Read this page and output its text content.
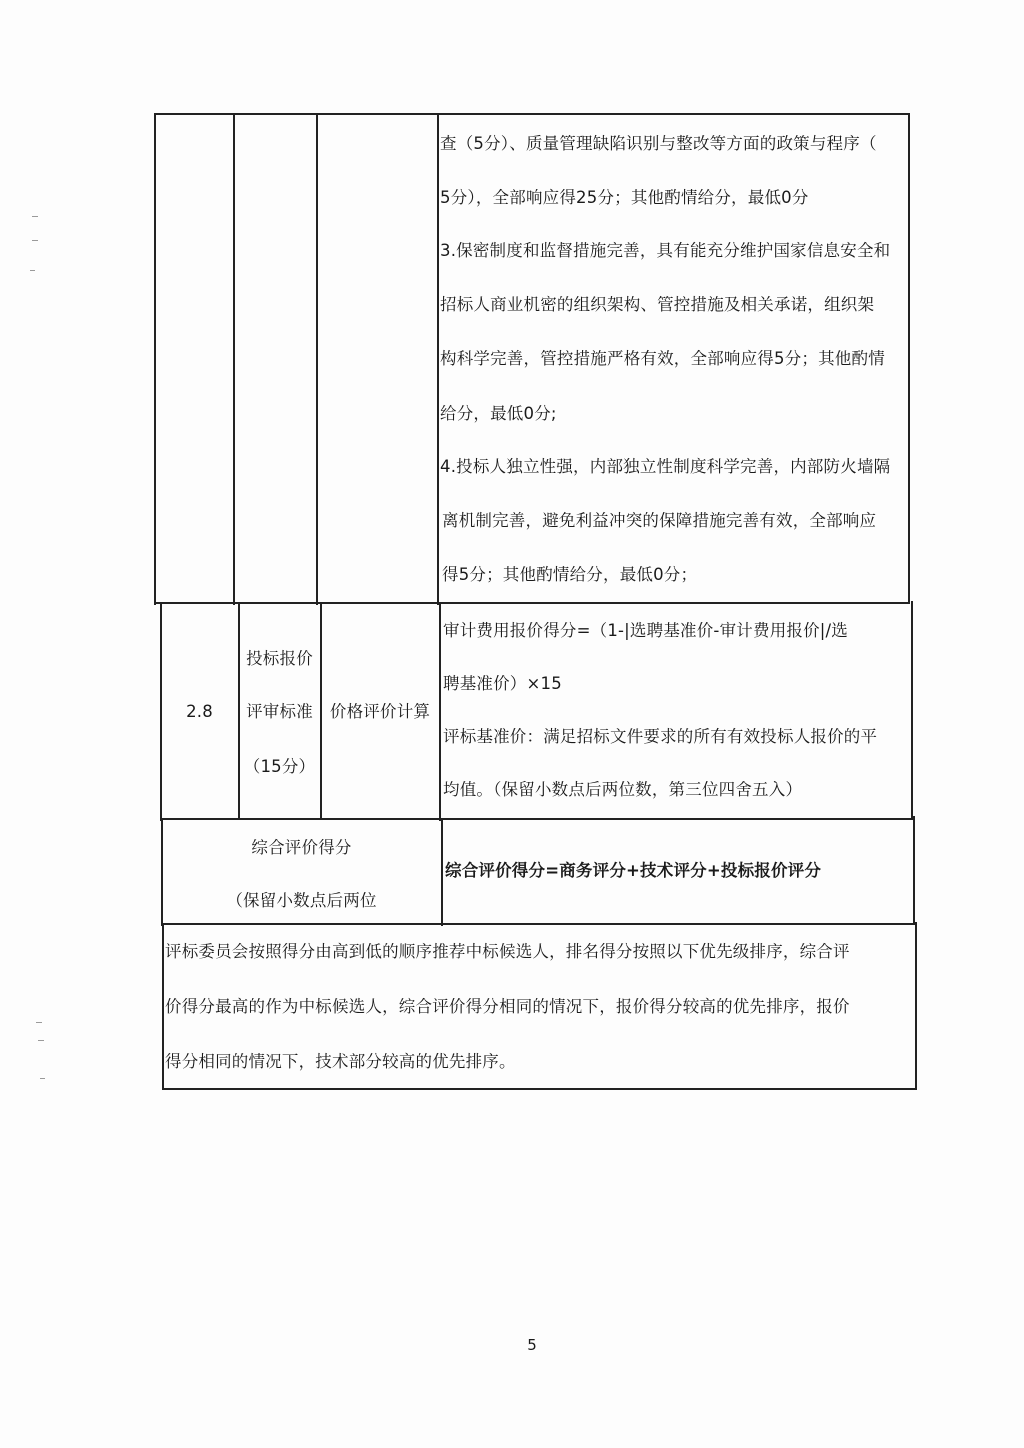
查（5分）、质量管理缺陷识别与整改等方面的政策与程序（
5分），全部响应得25分；其他酌情给分，最低0分
3.保密制度和监督措施完善，具有能充分维护国家信息安全和
招标人商业机密的组织架构、管控措施及相关承诺，组织架
构科学完善，管控措施严格有效，全部响应得5分；其他酌情
给分，最低0分;
4.投标人独立性强，内部独立性制度科学完善，内部防火墙隔
离机制完善，避免利益冲突的保障措施完善有效，全部响应
得5分；其他酌情给分，最低0分；
2.8
投标报价
评审标准
（15分）
价格评价计算
审计费用报价得分=（1-|选聘基准价-审计费用报价|/选
聘基准价）×15
评标基准价：满足招标文件要求的所有有效投标人报价的平
均值。（保留小数点后两位数，第三位四舍五入）
综合评价得分
（保留小数点后两位
综合评价得分=商务评分+技术评分+投标报价评分
评标委员会按照得分由高到低的顺序推荐中标候选人，排名得分按照以下优先级排序，综合评
价得分最高的作为中标候选人，综合评价得分相同的情况下，报价得分较高的优先排序，报价
得分相同的情况下，技术部分较高的优先排序。
5
